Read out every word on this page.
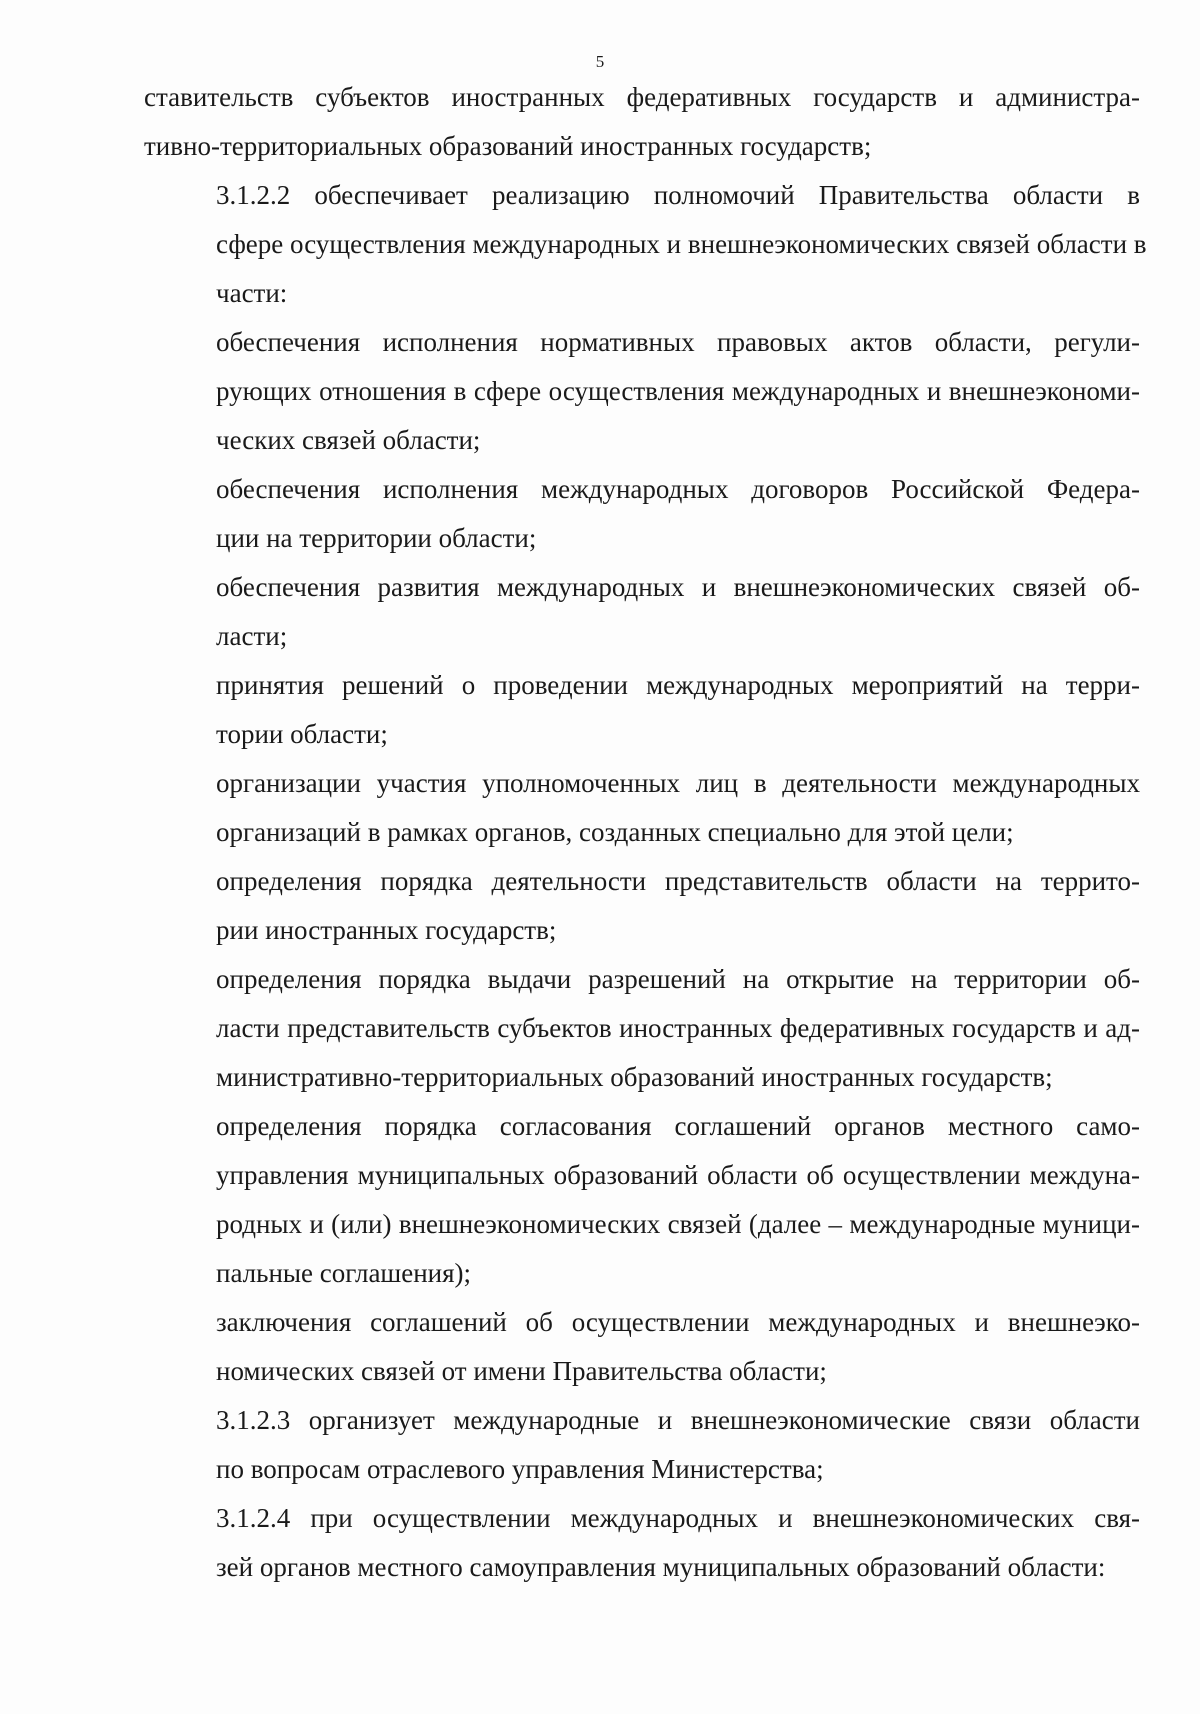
5

ставительств субъектов иностранных федеративных государств и администра-
тивно-территориальных образований иностранных государств;

3.1.2.2 обеспечивает реализацию полномочий Правительства области в
сфере осуществления международных и внешнеэкономических связей области в
части:

обеспечения исполнения нормативных правовых актов области, регули-
рующих отношения в сфере осуществления международных и внешнеэкономи-
ческих связей области;

обеспечения исполнения международных договоров Российской Федера-
ции на территории области;

обеспечения развития международных и внешнеэкономических связей об-
ласти;

принятия решений о проведении международных мероприятий на терри-
тории области;

организации участия уполномоченных лиц в деятельности международных
организаций в рамках органов, созданных специально для этой цели;

определения порядка деятельности представительств области на террито-
рии иностранных государств;

определения порядка выдачи разрешений на открытие на территории об-
ласти представительств субъектов иностранных федеративных государств и ад-
министративно-территориальных образований иностранных государств;

определения порядка согласования соглашений органов местного само-
управления муниципальных образований области об осуществлении междуна-
родных и (или) внешнеэкономических связей (далее – международные муници-
пальные соглашения);

заключения соглашений об осуществлении международных и внешнеэко-
номических связей от имени Правительства области;

3.1.2.3 организует международные и внешнеэкономические связи области
по вопросам отраслевого управления Министерства;

3.1.2.4 при осуществлении международных и внешнеэкономических свя-
зей органов местного самоуправления муниципальных образований области:
